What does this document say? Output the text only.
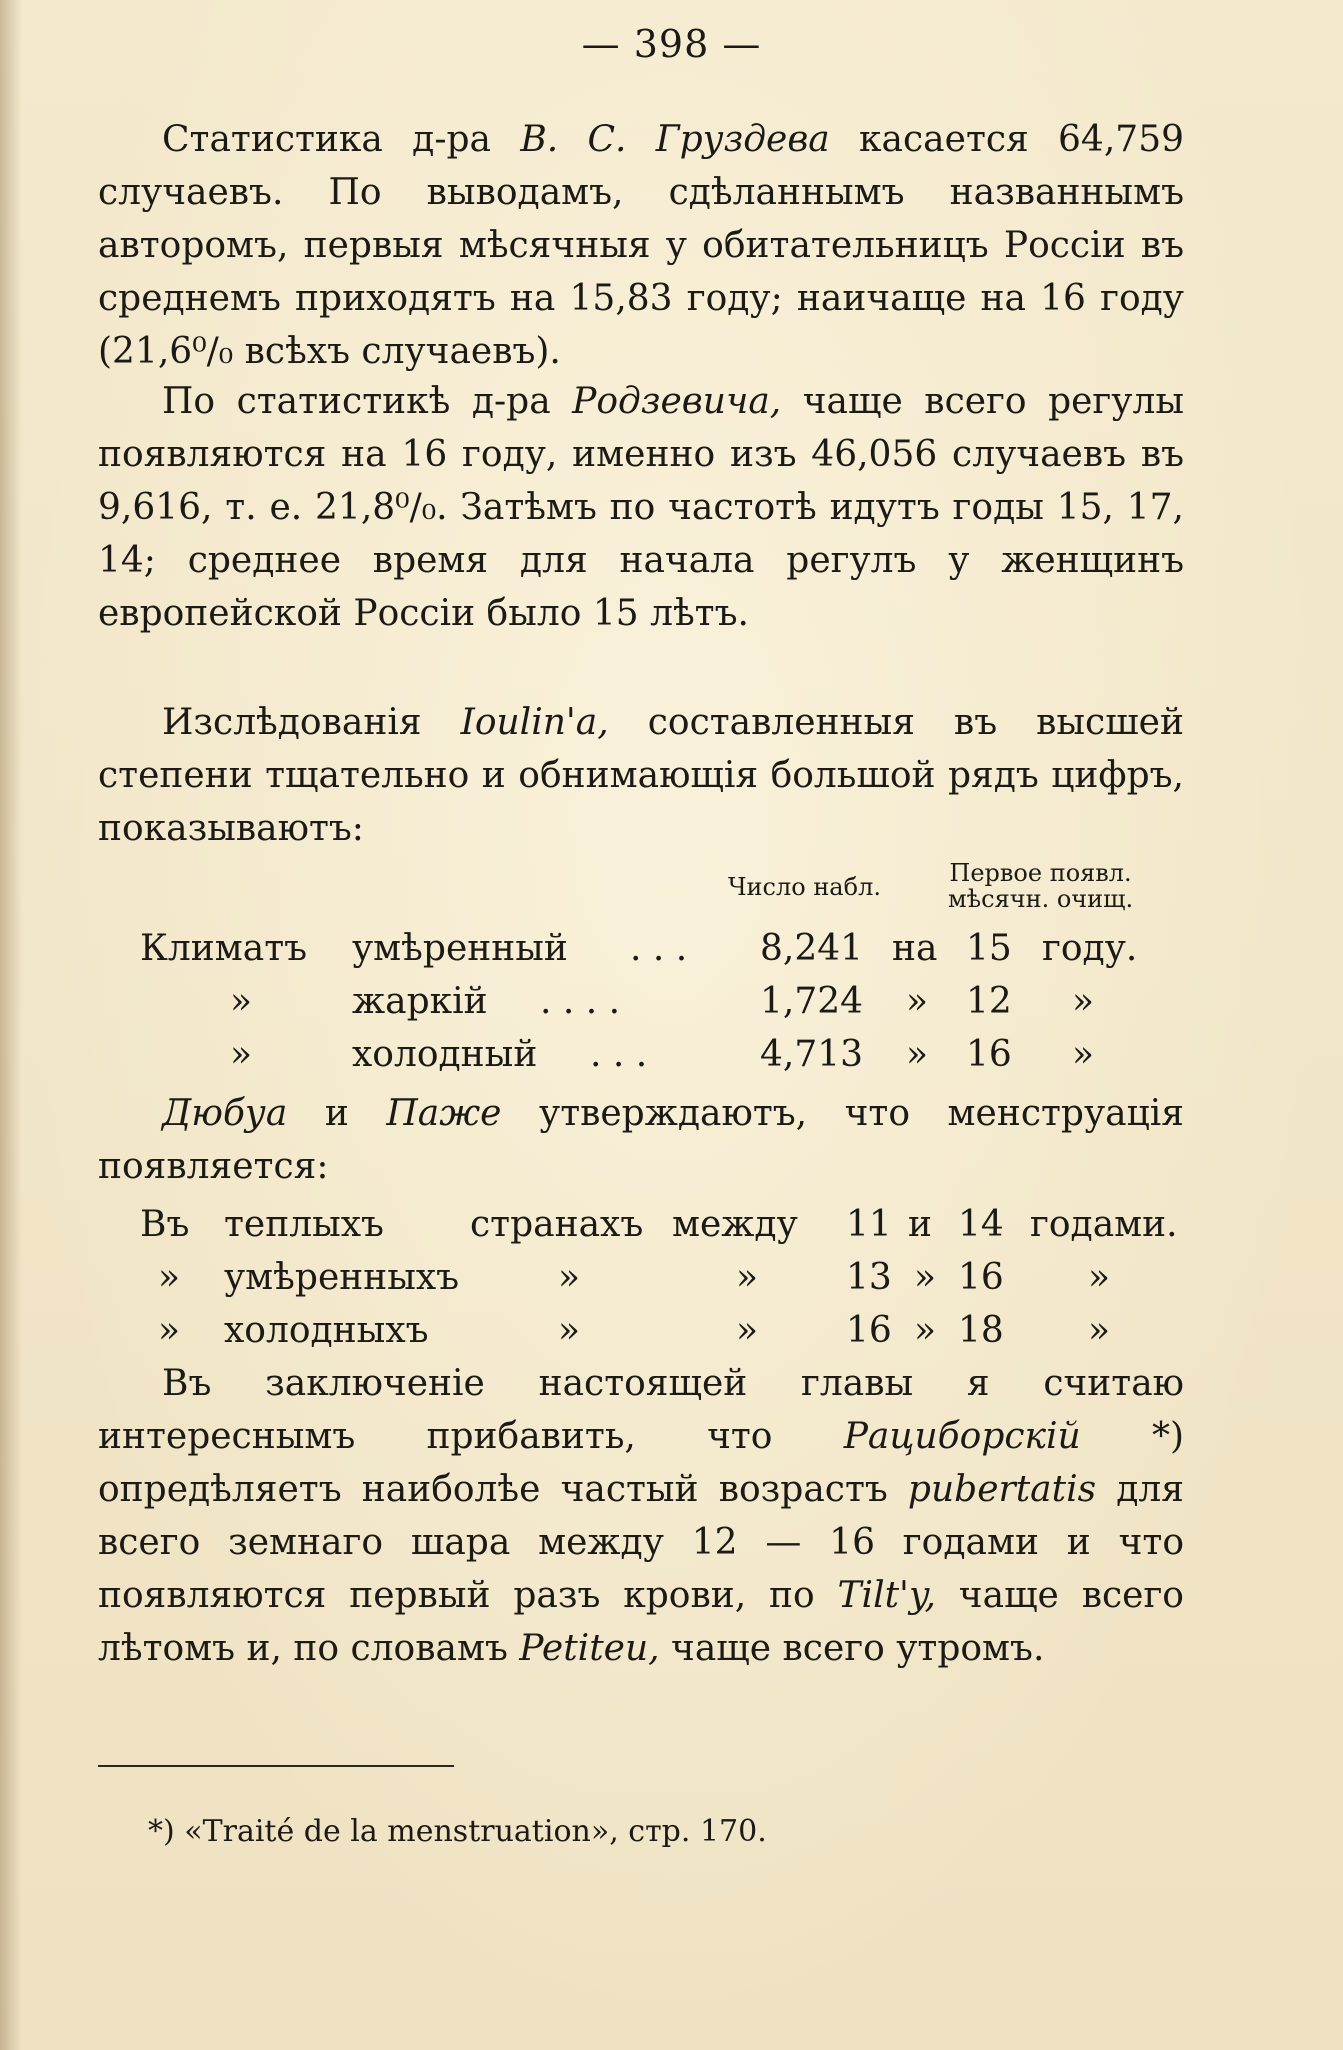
— 398 —

Статистика д-ра В. С. Груздева касается 64,759 случаевъ. По выводамъ, сдѣланнымъ названнымъ авторомъ, первыя мѣсячныя у обитательницъ Россіи въ среднемъ приходятъ на 15,83 году; наичаще на 16 году (21,6⁰/₀ всѣхъ случаевъ).

По статистикѣ д-ра Родзевича, чаще всего регулы появляются на 16 году, именно изъ 46,056 случаевъ въ 9,616, т. е. 21,8⁰/₀. Затѣмъ по частотѣ идутъ годы 15, 17, 14; среднее время для начала регулъ у женщинъ европейской Россіи было 15 лѣтъ.

Изслѣдованія Ioulin'a, составленныя въ высшей степени тщательно и обнимающія большой рядъ цифръ, показываютъ:

Число набл.	Первое появл.
мѣсячн. очищ.
Климатъ умѣренный . . . 8,241 на 15 году.
»	жаркій . . . .	1,724 » 12 »
»	холодный . . .	4,713 » 16 »

Дюбуа и Паже утверждаютъ, что менструація появляется:

Въ теплыхъ странахъ между 11 и 14 годами.
» умѣренныхъ	»	» 13 » 16 »
» холодныхъ	»	» 16 » 18 »

Въ заключеніе настоящей главы я считаю интереснымъ прибавить, что Рациборскій *) опредѣляетъ наиболѣе частый возрастъ pubertatis для всего земнаго шара между 12 — 16 годами и что появляются первый разъ крови, по Tilt'y, чаще всего лѣтомъ и, по словамъ Petiteu, чаще всего утромъ.

*) «Traité de la menstruation», стр. 170.
